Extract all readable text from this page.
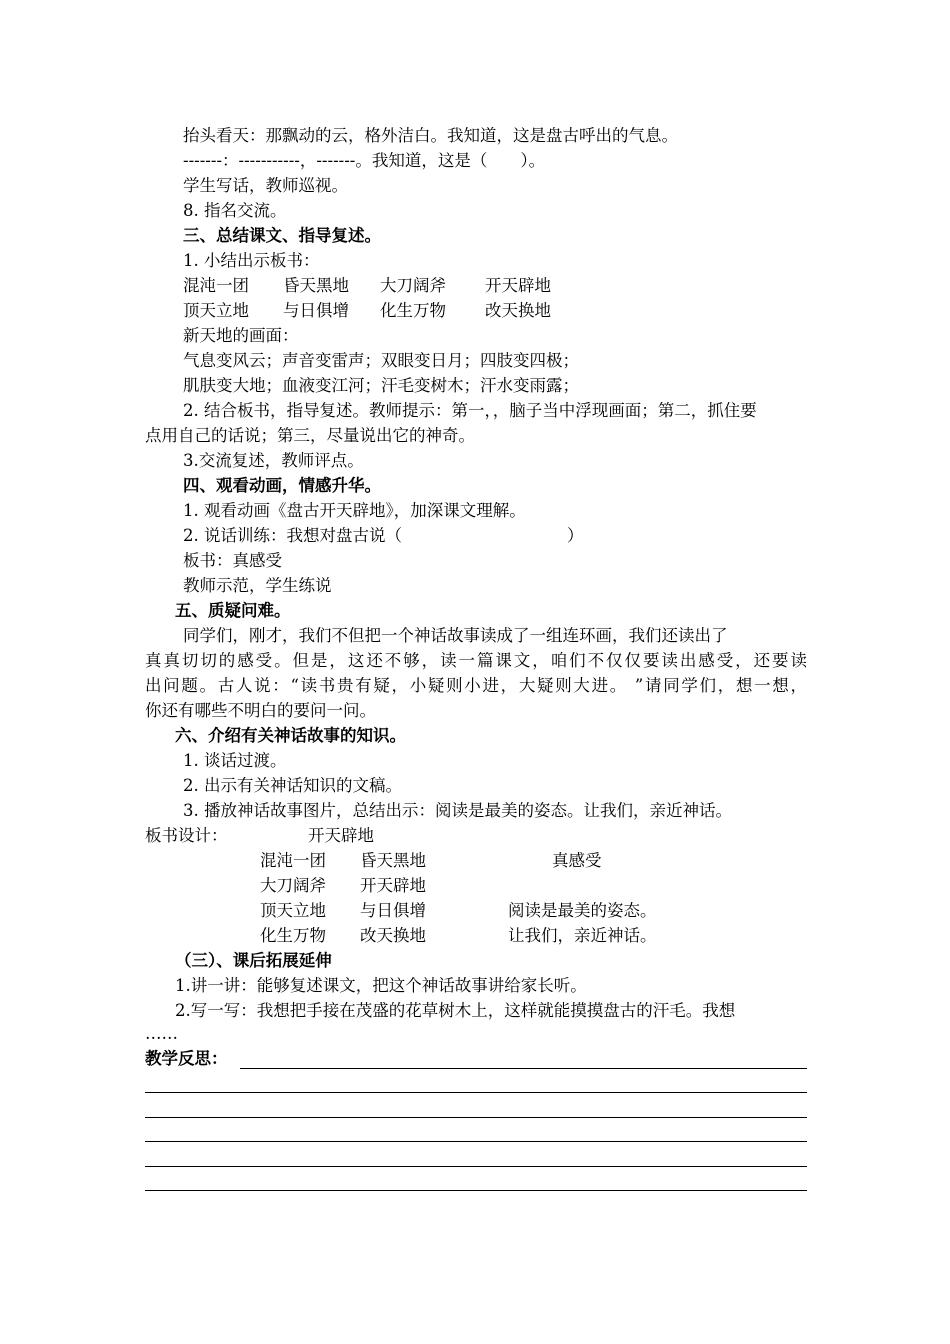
抬头看天：那飘动的云，格外洁白。我知道，这是盘古呼出的气息。
-------：-----------，-------。我知道，这是（　　）。
学生写话，教师巡视。
8. 指名交流。
三、总结课文、指导复述。
1. 小结出示板书：
混沌一团 昏天黑地 大刀阔斧 开天辟地
顶天立地 与日俱增 化生万物 改天换地
新天地的画面：
气息变风云；声音变雷声；双眼变日月；四肢变四极；
肌肤变大地；血液变江河；汗毛变树木；汗水变雨露；
2. 结合板书，指导复述。教师提示：第一，，脑子当中浮现画面；第二，抓住要
点用自己的话说；第三，尽量说出它的神奇。
3.交流复述，教师评点。
四、观看动画，情感升华。
1. 观看动画《盘古开天辟地》，加深课文理解。
2. 说话训练：我想对盘古说（　　　　　　　　　　）
板书：真感受
教师示范，学生练说
五、质疑问难。
同学们，刚才，我们不但把一个神话故事读成了一组连环画，我们还读出了
真真切切的感受。但是，这还不够，读一篇课文，咱们不仅仅要读出感受，还要读
出问题。古人说：“读书贵有疑，小疑则小进，大疑则大进。 ”请同学们，想一想，
你还有哪些不明白的要问一问。
六、介绍有关神话故事的知识。
1. 谈话过渡。
2. 出示有关神话知识的文稿。
3. 播放神话故事图片，总结出示：阅读是最美的姿态。让我们，亲近神话。
板书设计：	开天辟地
混沌一团 昏天黑地	真感受
大刀阔斧 开天辟地
顶天立地 与日俱增	阅读是最美的姿态。
化生万物 改天换地	让我们，亲近神话。
（三）、课后拓展延伸
1.讲一讲：能够复述课文，把这个神话故事讲给家长听。
2.写一写：我想把手接在茂盛的花草树木上，这样就能摸摸盘古的汗毛。我想
……
教学反思：
